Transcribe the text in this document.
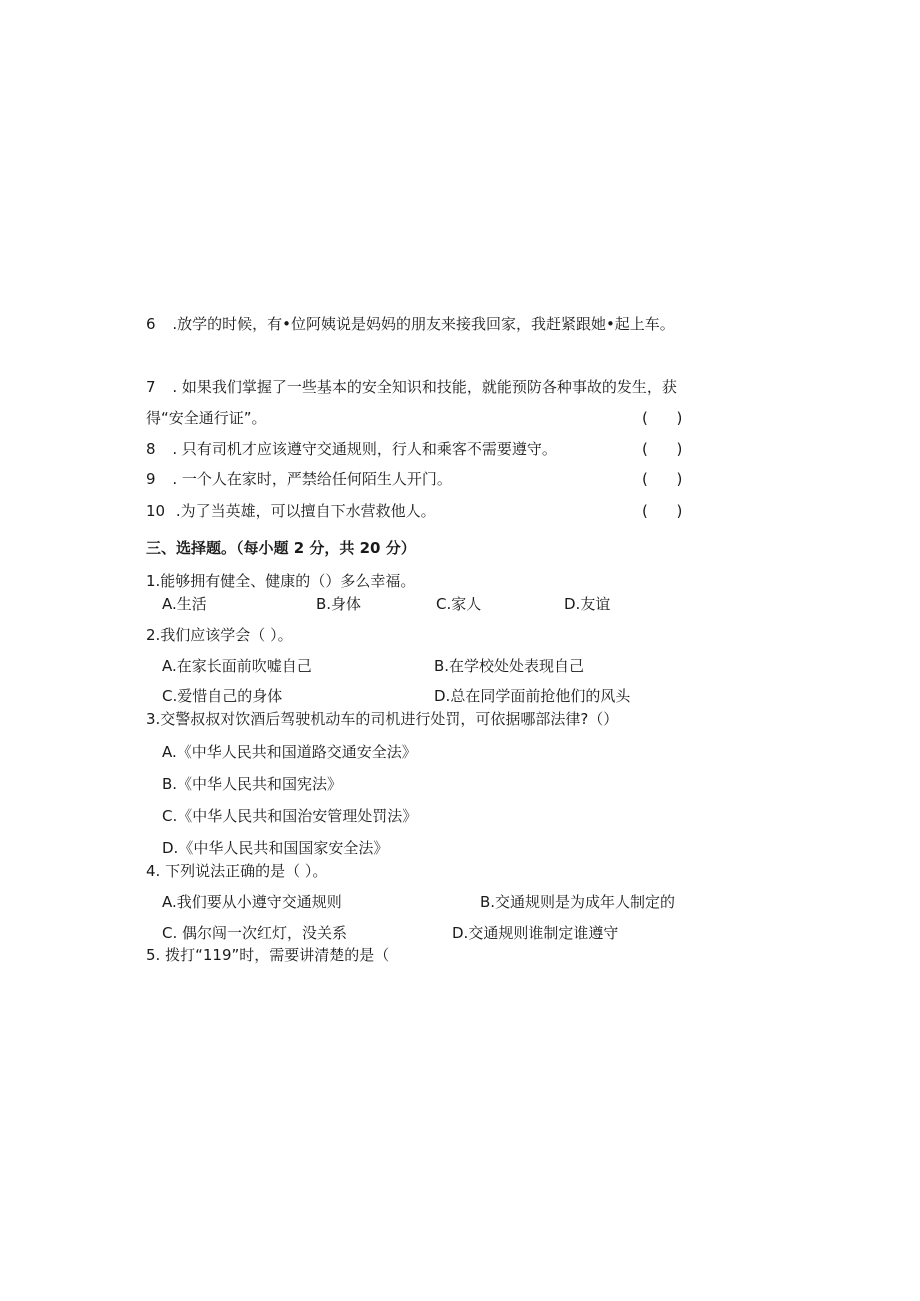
6 .放学的时候，有•位阿姨说是妈妈的朋友来接我回家，我赶紧跟她•起上车。
7 . 如果我们掌握了一些基本的安全知识和技能，就能预防各种事故的发生，获
得“安全通行证”。	(      )
8 . 只有司机才应该遵守交通规则，行人和乘客不需要遵守。	(      )
9 . 一个人在家时，严禁给任何陌生人开门。	(      )
10 .为了当英雄，可以擅自下水营救他人。	(      )
三、选择题。（每小题 2 分，共 20 分）
1.能够拥有健全、健康的（）多么幸福。
A.生活	B.身体	C.家人	D.友谊
2.我们应该学会（ ）。
A.在家长面前吹嘘自己	B.在学校处处表现自己
C.爱惜自己的身体	D.总在同学面前抢他们的风头
3.交警叔叔对饮酒后驾驶机动车的司机进行处罚，可依据哪部法律?（）
A.《中华人民共和国道路交通安全法》
B.《中华人民共和国宪法》
C.《中华人民共和国治安管理处罚法》
D.《中华人民共和国国家安全法》
4. 下列说法正确的是（ ）。
A.我们要从小遵守交通规则	B.交通规则是为成年人制定的
C. 偶尔闯一次红灯，没关系	D.交通规则谁制定谁遵守
5. 拨打“119”时，需要讲清楚的是（
